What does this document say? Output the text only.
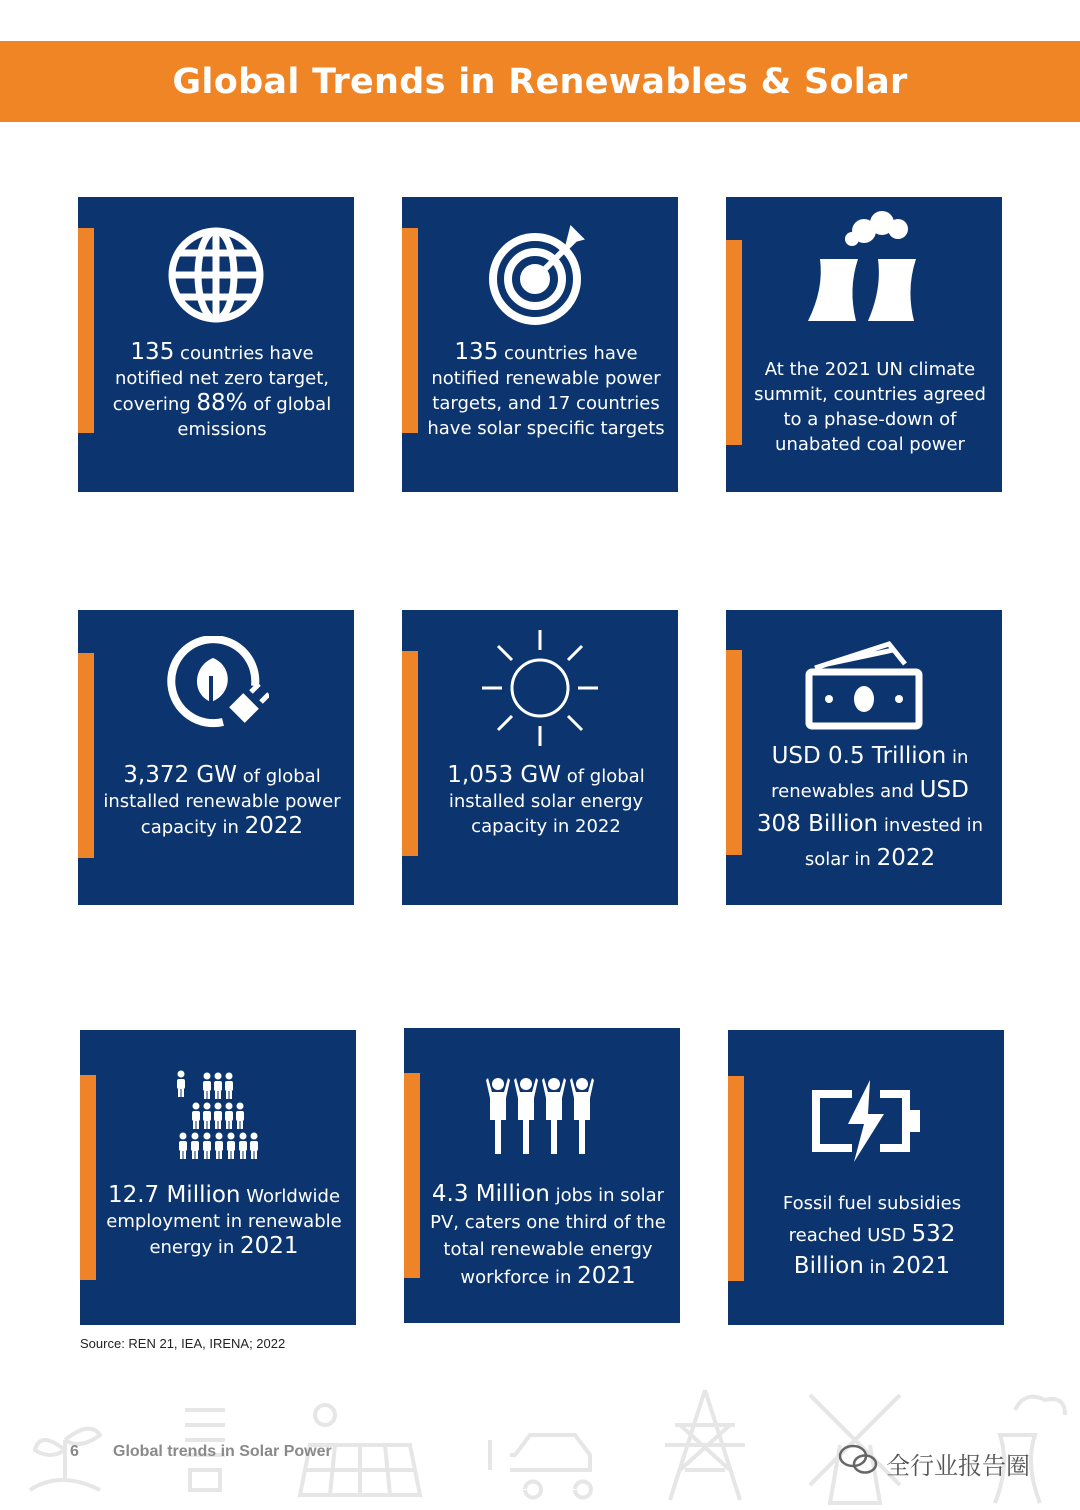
Global Trends in Renewables & Solar
135 countries have notified net zero target, covering 88% of global emissions
135 countries have notified renewable power targets, and 17 countries have solar specific targets
At the 2021 UN climate summit, countries agreed to a phase-down of unabated coal power
3,372 GW of global installed renewable power capacity in 2022
1,053 GW of global installed solar energy capacity in 2022
USD 0.5 Trillion in renewables and USD 308 Billion invested in solar in 2022
12.7 Million Worldwide employment in renewable energy in 2021
4.3 Million jobs in solar PV, caters one third of the total renewable energy workforce in 2021
Fossil fuel subsidies reached USD 532 Billion in 2021
Source: REN 21, IEA, IRENA; 2022
6 Global trends in Solar Power
全行业报告圈
